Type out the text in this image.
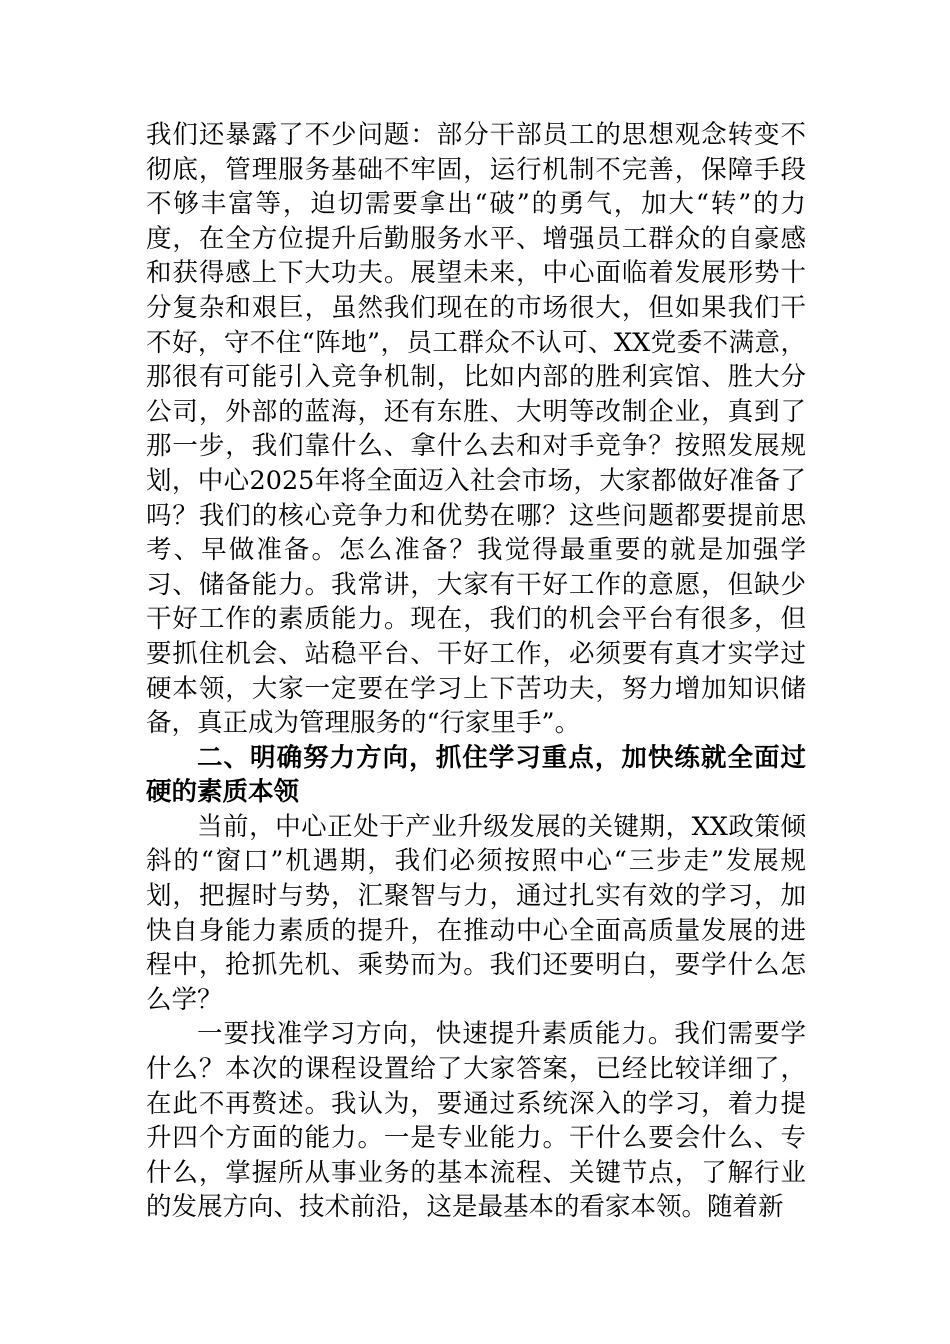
我们还暴露了不少问题：部分干部员工的思想观念转变不彻底，管理服务基础不牢固，运行机制不完善，保障手段不够丰富等，迫切需要拿出“破”的勇气，加大“转”的力度，在全方位提升后勤服务水平、增强员工群众的自豪感和获得感上下大功夫。展望未来，中心面临着发展形势十分复杂和艰巨，虽然我们现在的市场很大，但如果我们干不好，守不住“阵地”，员工群众不认可、XX党委不满意，那很有可能引入竞争机制，比如内部的胜利宾馆、胜大分公司，外部的蓝海，还有东胜、大明等改制企业，真到了那一步，我们靠什么、拿什么去和对手竞争？按照发展规划，中心2025年将全面迈入社会市场，大家都做好准备了吗？我们的核心竞争力和优势在哪？这些问题都要提前思考、早做准备。怎么准备？我觉得最重要的就是加强学习、储备能力。我常讲，大家有干好工作的意愿，但缺少干好工作的素质能力。现在，我们的机会平台有很多，但要抓住机会、站稳平台、干好工作，必须要有真才实学过硬本领，大家一定要在学习上下苦功夫，努力增加知识储备，真正成为管理服务的“行家里手”。

二、明确努力方向，抓住学习重点，加快练就全面过硬的素质本领

当前，中心正处于产业升级发展的关键期，XX政策倾斜的“窗口”机遇期，我们必须按照中心“三步走”发展规划，把握时与势，汇聚智与力，通过扎实有效的学习，加快自身能力素质的提升，在推动中心全面高质量发展的进程中，抢抓先机、乘势而为。我们还要明白，要学什么怎么学？

一要找准学习方向，快速提升素质能力。我们需要学什么？本次的课程设置给了大家答案，已经比较详细了，在此不再赘述。我认为，要通过系统深入的学习，着力提升四个方面的能力。一是专业能力。干什么要会什么、专什么，掌握所从事业务的基本流程、关键节点，了解行业的发展方向、技术前沿，这是最基本的看家本领。随着新
